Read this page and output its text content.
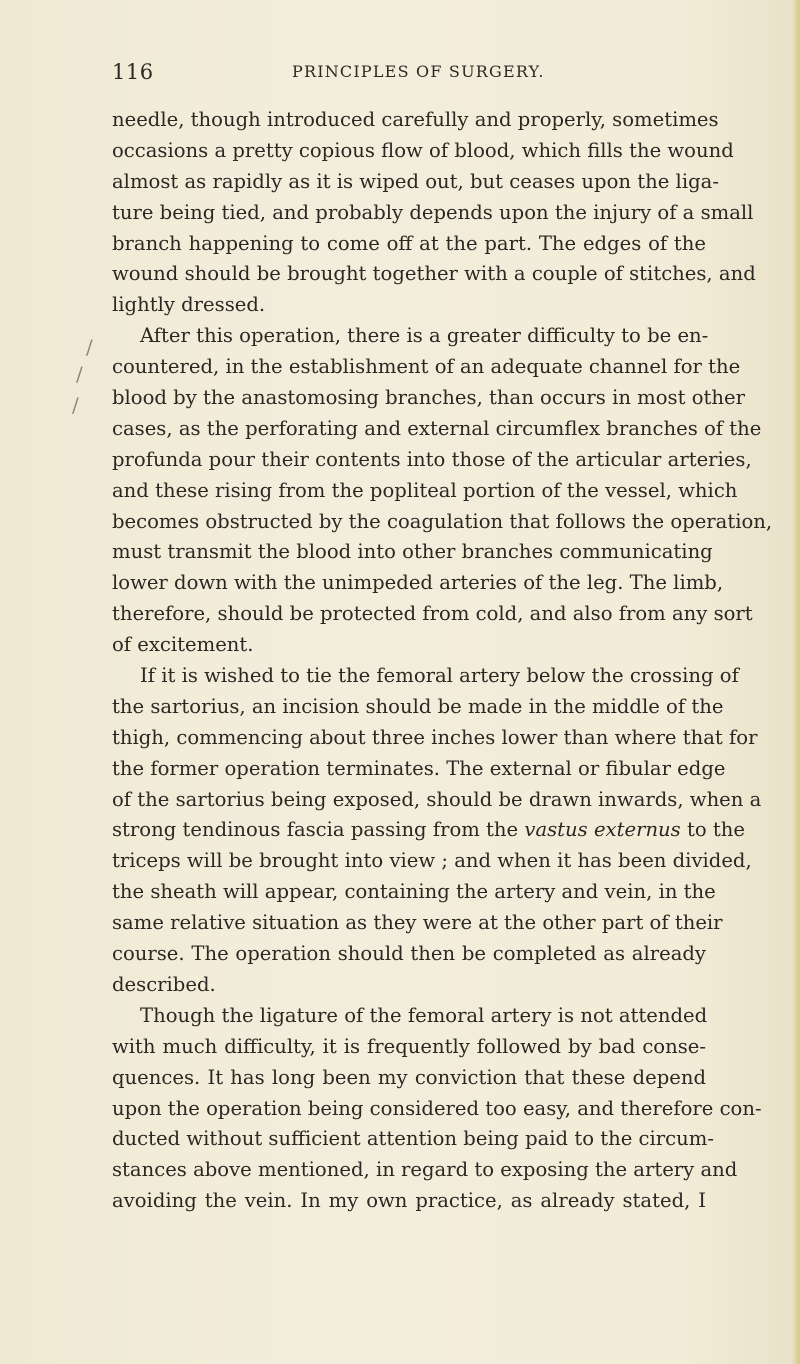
116	PRINCIPLES OF SURGERY.
/
/
/
needle, though introduced carefully and properly, sometimes
occasions a pretty copious flow of blood, which fills the wound
almost as rapidly as it is wiped out, but ceases upon the liga-
ture being tied, and probably depends upon the injury of a small
branch happening to come off at the part. The edges of the
wound should be brought together with a couple of stitches, and
lightly dressed.
After this operation, there is a greater difficulty to be en-
countered, in the establishment of an adequate channel for the
blood by the anastomosing branches, than occurs in most other
cases, as the perforating and external circumflex branches of the
profunda pour their contents into those of the articular arteries,
and these rising from the popliteal portion of the vessel, which
becomes obstructed by the coagulation that follows the operation,
must transmit the blood into other branches communicating
lower down with the unimpeded arteries of the leg. The limb,
therefore, should be protected from cold, and also from any sort
of excitement.
If it is wished to tie the femoral artery below the crossing of
the sartorius, an incision should be made in the middle of the
thigh, commencing about three inches lower than where that for
the former operation terminates. The external or fibular edge
of the sartorius being exposed, should be drawn inwards, when a
strong tendinous fascia passing from the vastus externus to the
triceps will be brought into view ; and when it has been divided,
the sheath will appear, containing the artery and vein, in the
same relative situation as they were at the other part of their
course. The operation should then be completed as already
described.
Though the ligature of the femoral artery is not attended
with much difficulty, it is frequently followed by bad conse-
quences. It has long been my conviction that these depend
upon the operation being considered too easy, and therefore con-
ducted without sufficient attention being paid to the circum-
stances above mentioned, in regard to exposing the artery and
avoiding the vein. In my own practice, as already stated, I
